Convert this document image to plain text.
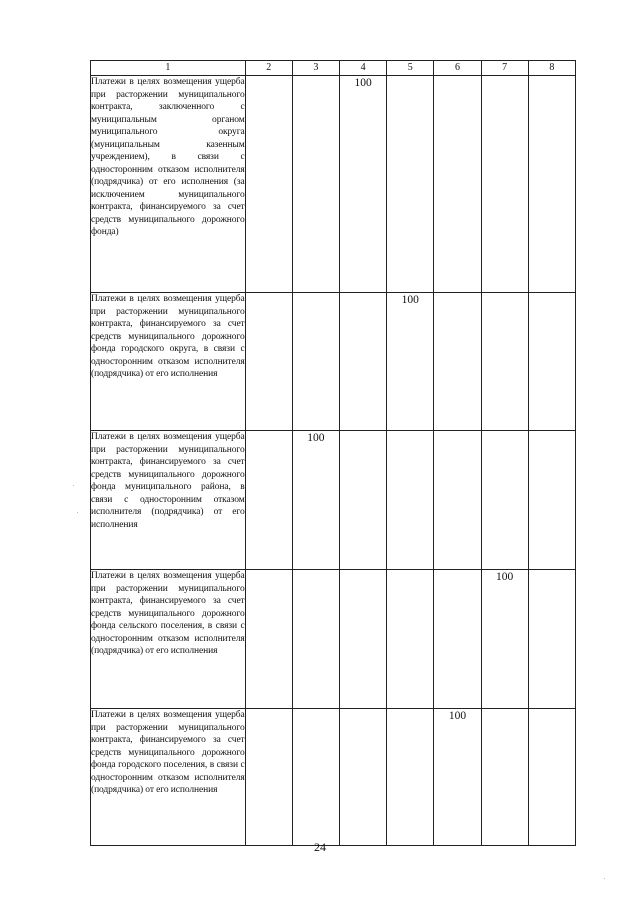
1	2	3	4	5	6	7	8
Платежи в целях возмещения ущерба при расторжении муниципального контракта, заключенного с муниципальным органом муниципального округа (муниципальным казенным учреждением), в связи с односторонним отказом исполнителя (подрядчика) от его исполнения (за исключением муниципального контракта, финансируемого за счет средств муниципального дорожного фонда)			100				
Платежи в целях возмещения ущерба при расторжении муниципального контракта, финансируемого за счет средств муниципального дорожного фонда городского округа, в связи с односторонним отказом исполнителя (подрядчика) от его исполнения				100			
Платежи в целях возмещения ущерба при расторжении муниципального контракта, финансируемого за счет средств муниципального дорожного фонда муниципального района, в связи с односторонним отказом исполнителя (подрядчика) от его исполнения		100					
Платежи в целях возмещения ущерба при расторжении муниципального контракта, финансируемого за счет средств муниципального дорожного фонда сельского поселения, в связи с односторонним отказом исполнителя (подрядчика) от его исполнения						100	
Платежи в целях возмещения ущерба при расторжении муниципального контракта, финансируемого за счет средств муниципального дорожного фонда городского поселения, в связи с односторонним отказом исполнителя (подрядчика) от его исполнения					100		
24
